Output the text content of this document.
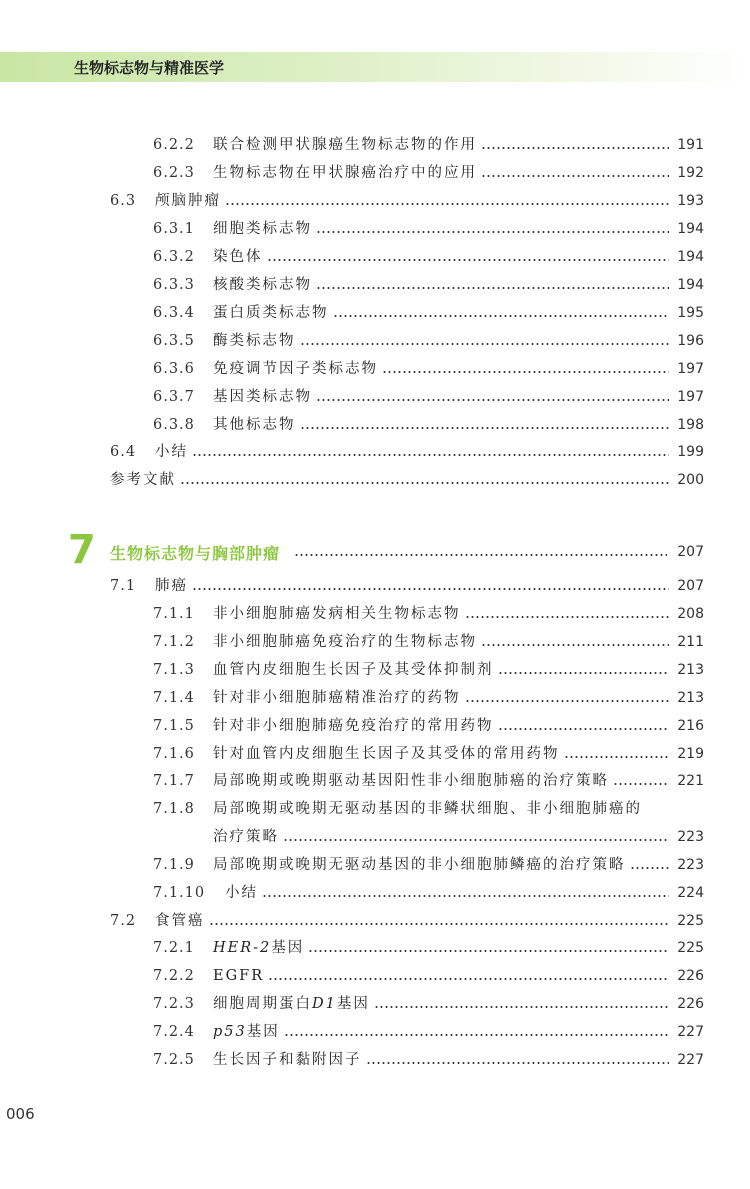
生物标志物与精准医学
6.2.2	联合检测甲状腺癌生物标志物的作用	191
6.2.3	生物标志物在甲状腺癌治疗中的应用	192
6.3	颅脑肿瘤	193
6.3.1	细胞类标志物	194
6.3.2	染色体	194
6.3.3	核酸类标志物	194
6.3.4	蛋白质类标志物	195
6.3.5	酶类标志物	196
6.3.6	免疫调节因子类标志物	197
6.3.7	基因类标志物	197
6.3.8	其他标志物	198
6.4	小结	199
参考文献	200
7 生物标志物与胸部肿瘤	207
7.1	肺癌	207
7.1.1	非小细胞肺癌发病相关生物标志物	208
7.1.2	非小细胞肺癌免疫治疗的生物标志物	211
7.1.3	血管内皮细胞生长因子及其受体抑制剂	213
7.1.4	针对非小细胞肺癌精准治疗的药物	213
7.1.5	针对非小细胞肺癌免疫治疗的常用药物	216
7.1.6	针对血管内皮细胞生长因子及其受体的常用药物	219
7.1.7	局部晚期或晚期驱动基因阳性非小细胞肺癌的治疗策略	221
7.1.8	局部晚期或晚期无驱动基因的非鳞状细胞、非小细胞肺癌的
治疗策略	223
7.1.9	局部晚期或晚期无驱动基因的非小细胞肺鳞癌的治疗策略	223
7.1.10	小结	224
7.2	食管癌	225
7.2.1	HER-2 基因	225
7.2.2	EGFR	226
7.2.3	细胞周期蛋白 D1 基因	226
7.2.4	p53 基因	227
7.2.5	生长因子和黏附因子	227
006
